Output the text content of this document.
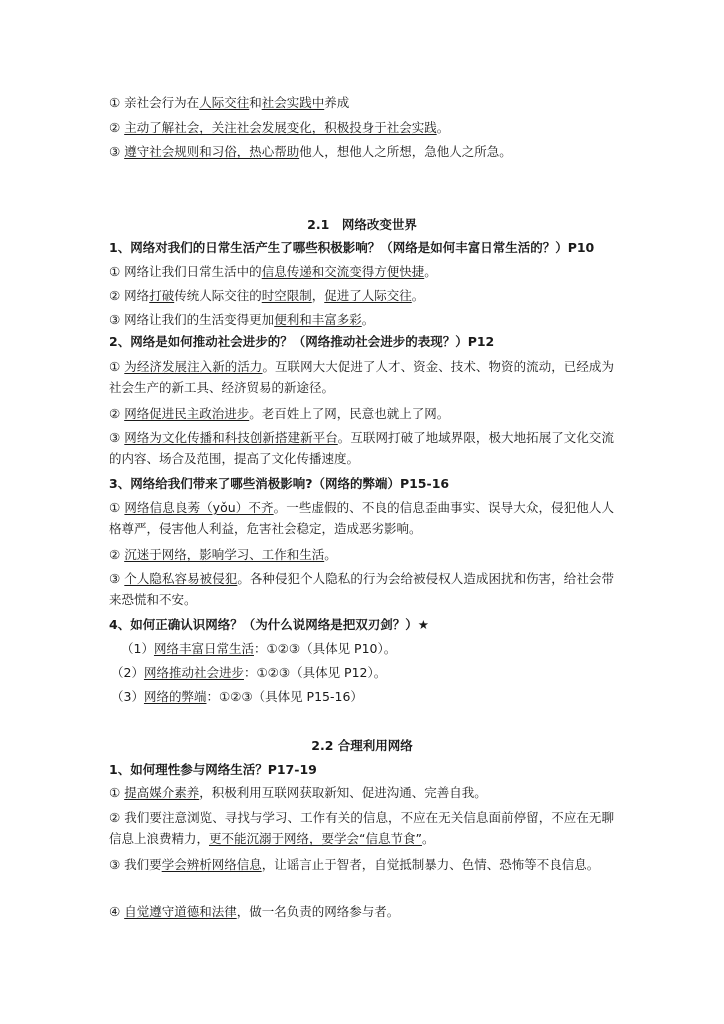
① 亲社会行为在人际交往和社会实践中养成
② 主动了解社会，关注社会发展变化，积极投身于社会实践。
③ 遵守社会规则和习俗，热心帮助他人，想他人之所想，急他人之所急。
2.1　网络改变世界
1、网络对我们的日常生活产生了哪些积极影响？（网络是如何丰富日常生活的？）P10
① 网络让我们日常生活中的信息传递和交流变得方便快捷。
② 网络打破传统人际交往的时空限制，促进了人际交往。
③ 网络让我们的生活变得更加便利和丰富多彩。
2、网络是如何推动社会进步的？（网络推动社会进步的表现？）P12
① 为经济发展注入新的活力。互联网大大促进了人才、资金、技术、物资的流动，已经成为社会生产的新工具、经济贸易的新途径。
② 网络促进民主政治进步。老百姓上了网，民意也就上了网。
③ 网络为文化传播和科技创新搭建新平台。互联网打破了地域界限，极大地拓展了文化交流的内容、场合及范围，提高了文化传播速度。
3、网络给我们带来了哪些消极影响?（网络的弊端）P15-16
① 网络信息良莠（yǒu）不齐。一些虚假的、不良的信息歪曲事实、误导大众，侵犯他人人格尊严，侵害他人利益，危害社会稳定，造成恶劣影响。
② 沉迷于网络，影响学习、工作和生活。
③ 个人隐私容易被侵犯。各种侵犯个人隐私的行为会给被侵权人造成困扰和伤害，给社会带来恐慌和不安。
4、如何正确认识网络？（为什么说网络是把双刃剑？）★
（1）网络丰富日常生活：①②③（具体见 P10）。
（2）网络推动社会进步：①②③（具体见 P12）。
（3）网络的弊端：①②③（具体见 P15-16）
2.2 合理利用网络
1、如何理性参与网络生活？P17-19
① 提高媒介素养，积极利用互联网获取新知、促进沟通、完善自我。
② 我们要注意浏览、寻找与学习、工作有关的信息，不应在无关信息面前停留，不应在无聊信息上浪费精力，更不能沉溺于网络，要学会“信息节食”。
③ 我们要学会辨析网络信息，让谣言止于智者，自觉抵制暴力、色情、恐怖等不良信息。
④ 自觉遵守道德和法律，做一名负责的网络参与者。
